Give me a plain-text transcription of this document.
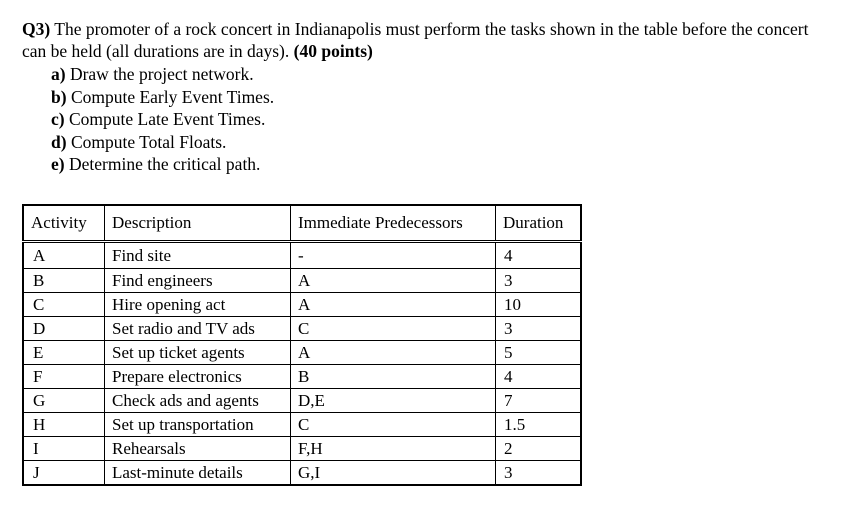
Q3) The promoter of a rock concert in Indianapolis must perform the tasks shown in the table before the concert can be held (all durations are in days). (40 points)
a) Draw the project network.
b) Compute Early Event Times.
c) Compute Late Event Times.
d) Compute Total Floats.
e) Determine the critical path.
Activity	Description	Immediate Predecessors	Duration
A	Find site	-	4
B	Find engineers	A	3
C	Hire opening act	A	10
D	Set radio and TV ads	C	3
E	Set up ticket agents	A	5
F	Prepare electronics	B	4
G	Check ads and agents	D,E	7
H	Set up transportation	C	1.5
I	Rehearsals	F,H	2
J	Last-minute details	G,I	3
